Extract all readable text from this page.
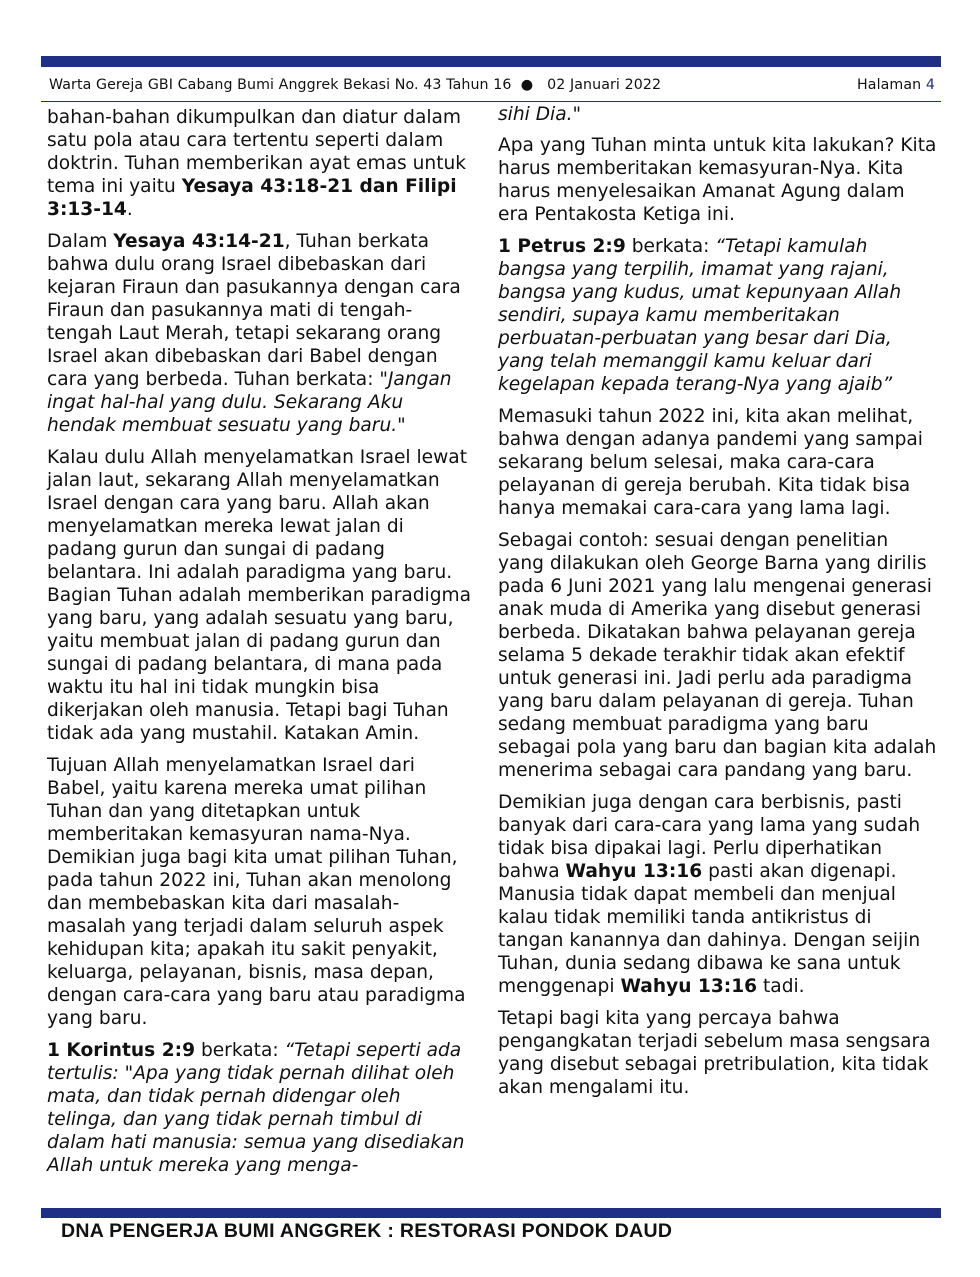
Warta Gereja GBI Cabang Bumi Anggrek Bekasi No. 43 Tahun 16 ● 02 Januari 2022	Halaman 4

bahan-bahan dikumpulkan dan diatur dalam satu pola atau cara tertentu seperti dalam doktrin. Tuhan memberikan ayat emas untuk tema ini yaitu Yesaya 43:18-21 dan Filipi 3:13-14.

Dalam Yesaya 43:14-21, Tuhan berkata bahwa dulu orang Israel dibebaskan dari kejaran Firaun dan pasukannya dengan cara Firaun dan pasukannya mati di tengah-tengah Laut Merah, tetapi sekarang orang Israel akan dibebaskan dari Babel dengan cara yang berbeda. Tuhan berkata: "Jangan ingat hal-hal yang dulu. Sekarang Aku hendak membuat sesuatu yang baru."

Kalau dulu Allah menyelamatkan Israel lewat jalan laut, sekarang Allah menyelamatkan Israel dengan cara yang baru. Allah akan menyelamatkan mereka lewat jalan di padang gurun dan sungai di padang belantara. Ini adalah paradigma yang baru. Bagian Tuhan adalah memberikan paradigma yang baru, yang adalah sesuatu yang baru, yaitu membuat jalan di padang gurun dan sungai di padang belantara, di mana pada waktu itu hal ini tidak mungkin bisa dikerjakan oleh manusia. Tetapi bagi Tuhan tidak ada yang mustahil. Katakan Amin.

Tujuan Allah menyelamatkan Israel dari Babel, yaitu karena mereka umat pilihan Tuhan dan yang ditetapkan untuk memberitakan kemasyuran nama-Nya. Demikian juga bagi kita umat pilihan Tuhan, pada tahun 2022 ini, Tuhan akan menolong dan membebaskan kita dari masalah-masalah yang terjadi dalam seluruh aspek kehidupan kita; apakah itu sakit penyakit, keluarga, pelayanan, bisnis, masa depan, dengan cara-cara yang baru atau paradigma yang baru.

1 Korintus 2:9 berkata: “Tetapi seperti ada tertulis: "Apa yang tidak pernah dilihat oleh mata, dan tidak pernah didengar oleh telinga, dan yang tidak pernah timbul di dalam hati manusia: semua yang disediakan Allah untuk mereka yang menga-

sihi Dia."

Apa yang Tuhan minta untuk kita lakukan? Kita harus memberitakan kemasyuran-Nya. Kita harus menyelesaikan Amanat Agung dalam era Pentakosta Ketiga ini.

1 Petrus 2:9 berkata: “Tetapi kamulah bangsa yang terpilih, imamat yang rajani, bangsa yang kudus, umat kepunyaan Allah sendiri, supaya kamu memberitakan perbuatan-perbuatan yang besar dari Dia, yang telah memanggil kamu keluar dari kegelapan kepada terang-Nya yang ajaib”

Memasuki tahun 2022 ini, kita akan melihat, bahwa dengan adanya pandemi yang sampai sekarang belum selesai, maka cara-cara pelayanan di gereja berubah. Kita tidak bisa hanya memakai cara-cara yang lama lagi.

Sebagai contoh: sesuai dengan penelitian yang dilakukan oleh George Barna yang dirilis pada 6 Juni 2021 yang lalu mengenai generasi anak muda di Amerika yang disebut generasi berbeda. Dikatakan bahwa pelayanan gereja selama 5 dekade terakhir tidak akan efektif untuk generasi ini. Jadi perlu ada paradigma yang baru dalam pelayanan di gereja. Tuhan sedang membuat paradigma yang baru sebagai pola yang baru dan bagian kita adalah menerima sebagai cara pandang yang baru.

Demikian juga dengan cara berbisnis, pasti banyak dari cara-cara yang lama yang sudah tidak bisa dipakai lagi. Perlu diperhatikan bahwa Wahyu 13:16 pasti akan digenapi. Manusia tidak dapat membeli dan menjual kalau tidak memiliki tanda antikristus di tangan kanannya dan dahinya. Dengan seijin Tuhan, dunia sedang dibawa ke sana untuk menggenapi Wahyu 13:16 tadi.

Tetapi bagi kita yang percaya bahwa pengangkatan terjadi sebelum masa sengsara yang disebut sebagai pretribulation, kita tidak akan mengalami itu.

DNA PENGERJA BUMI ANGGREK : RESTORASI PONDOK DAUD
